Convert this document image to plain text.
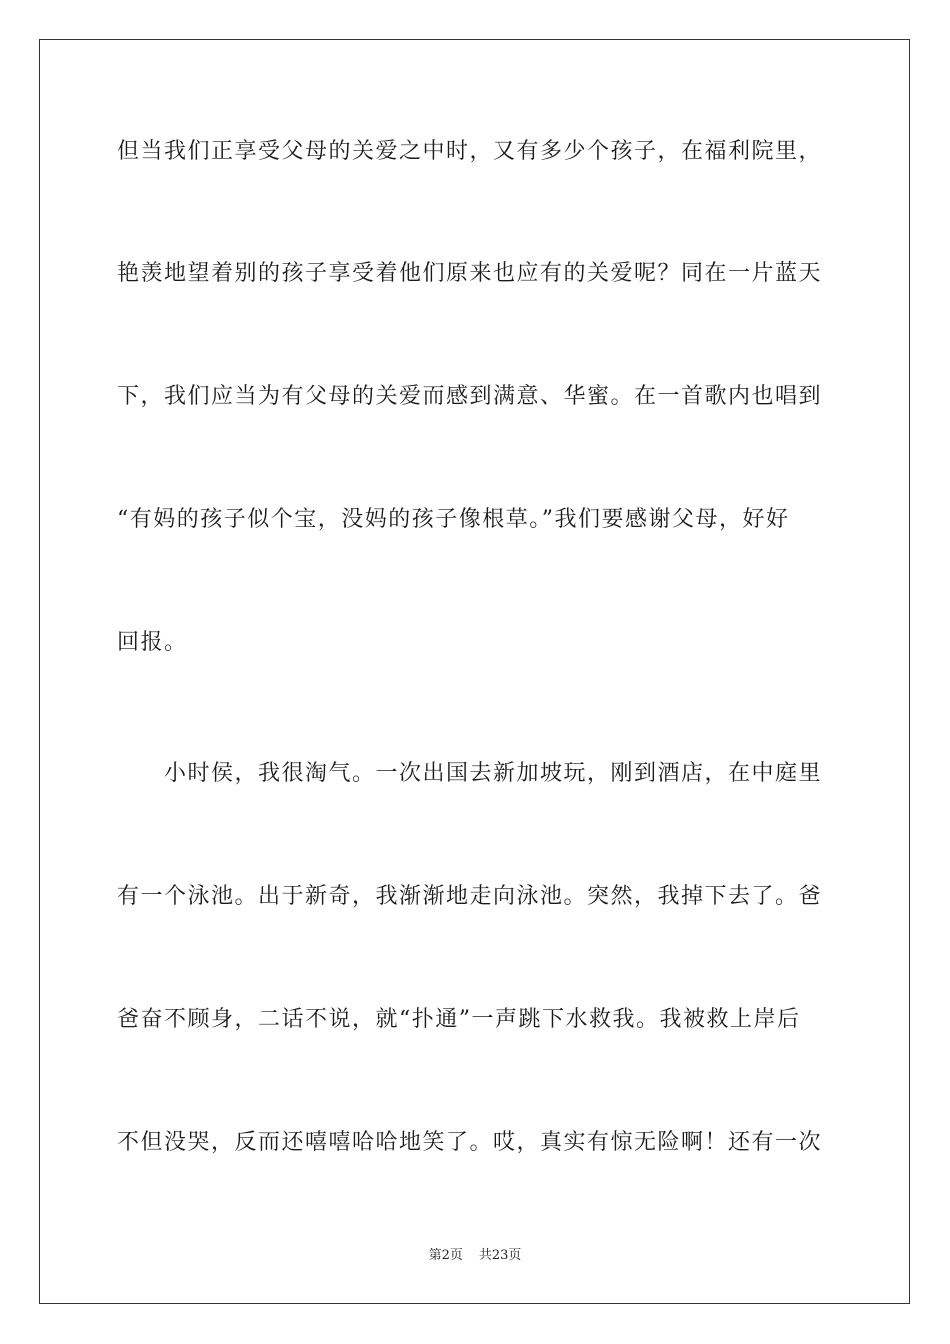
但当我们正享受父母的关爱之中时，又有多少个孩子，在福利院里，
艳羡地望着别的孩子享受着他们原来也应有的关爱呢？同在一片蓝天
下，我们应当为有父母的关爱而感到满意、华蜜。在一首歌内也唱到
“有妈的孩子似个宝，没妈的孩子像根草。”我们要感谢父母，好好
回报。
小时侯，我很淘气。一次出国去新加坡玩，刚到酒店，在中庭里
有一个泳池。出于新奇，我渐渐地走向泳池。突然，我掉下去了。爸
爸奋不顾身，二话不说，就“扑通”一声跳下水救我。我被救上岸后
不但没哭，反而还嘻嘻哈哈地笑了。哎，真实有惊无险啊！还有一次
第2页 共23页
